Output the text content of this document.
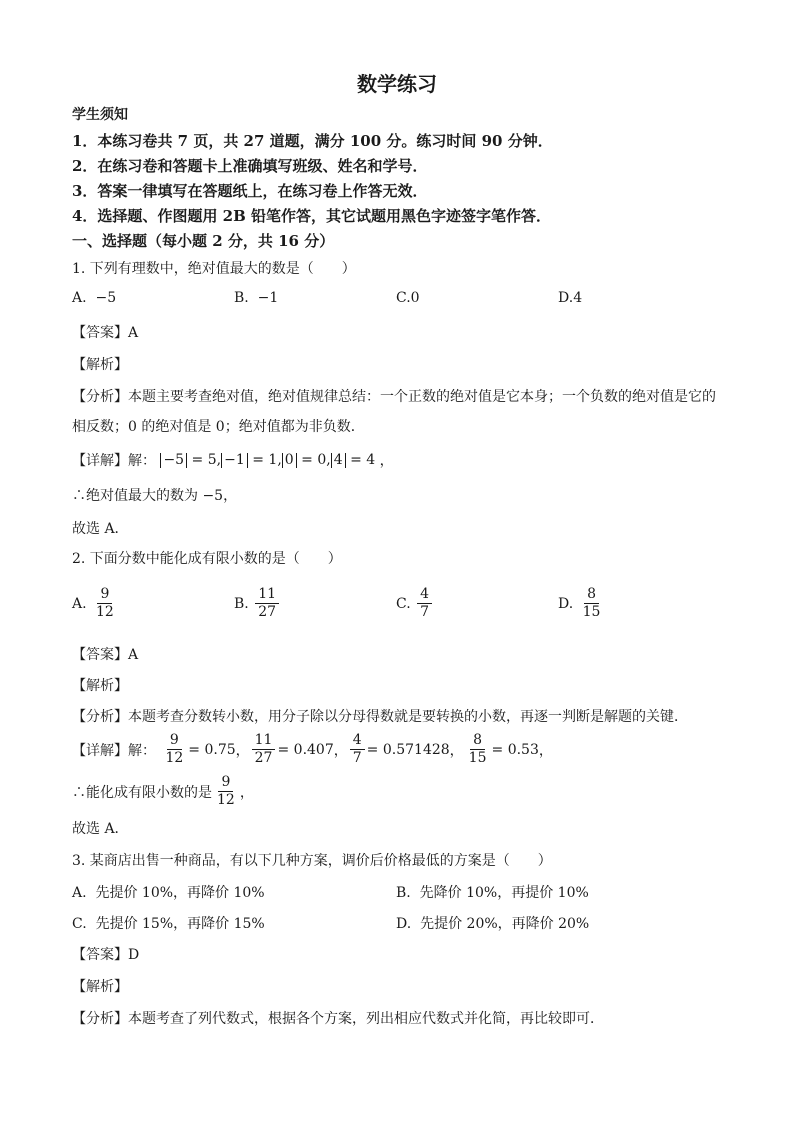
数学练习
学生须知
1．本练习卷共 7 页，共 27 道题，满分 100 分。练习时间 90 分钟．
2．在练习卷和答题卡上准确填写班级、姓名和学号．
3．答案一律填写在答题纸上，在练习卷上作答无效．
4．选择题、作图题用 2B 铅笔作答，其它试题用黑色字迹签字笔作答．
一、选择题（每小题 2 分，共 16 分）
1. 下列有理数中，绝对值最大的数是（　　）
A. −5	B. −1	C.0	D.4
【答案】A
【解析】
【分析】本题主要考查绝对值，绝对值规律总结：一个正数的绝对值是它本身；一个负数的绝对值是它的
相反数；0 的绝对值是 0；绝对值都为非负数．
【详解】 解：
−5 = 5 , −1 = 1 , 0 = 0 , 4 = 4 ，
∴绝对值最大的数为 −5，
故选 A．
2. 下面分数中能化成有限小数的是（　　）
A.
$\frac{9}{12}$	B.
$\frac{11}{27}$	C.
$\frac{4}{7}$	D.
$\frac{8}{15}$
【答案】A
【解析】
【分析】本题考查分数转小数，用分子除以分母得数就是要转换的小数，再逐一判断是解题的关键．
【详解】 解：
$\frac{9}{12} = 0.75$ ， $\frac{11}{27} = 0.407$ ， $\frac{4}{7} = 0.571428$ ， $\frac{8}{15} = 0.53$ ，
∴能化成有限小数的是 $\frac{9}{12}$ ，
故选 A．
3. 某商店出售一种商品，有以下几种方案，调价后价格最低的方案是（　　）
A. 先提价 10%，再降价 10%	B. 先降价 10%，再提价 10%
C. 先提价 15%，再降价 15%	D. 先提价 20%，再降价 20%
【答案】D
【解析】
【分析】本题考查了列代数式，根据各个方案，列出相应代数式并化简，再比较即可．
